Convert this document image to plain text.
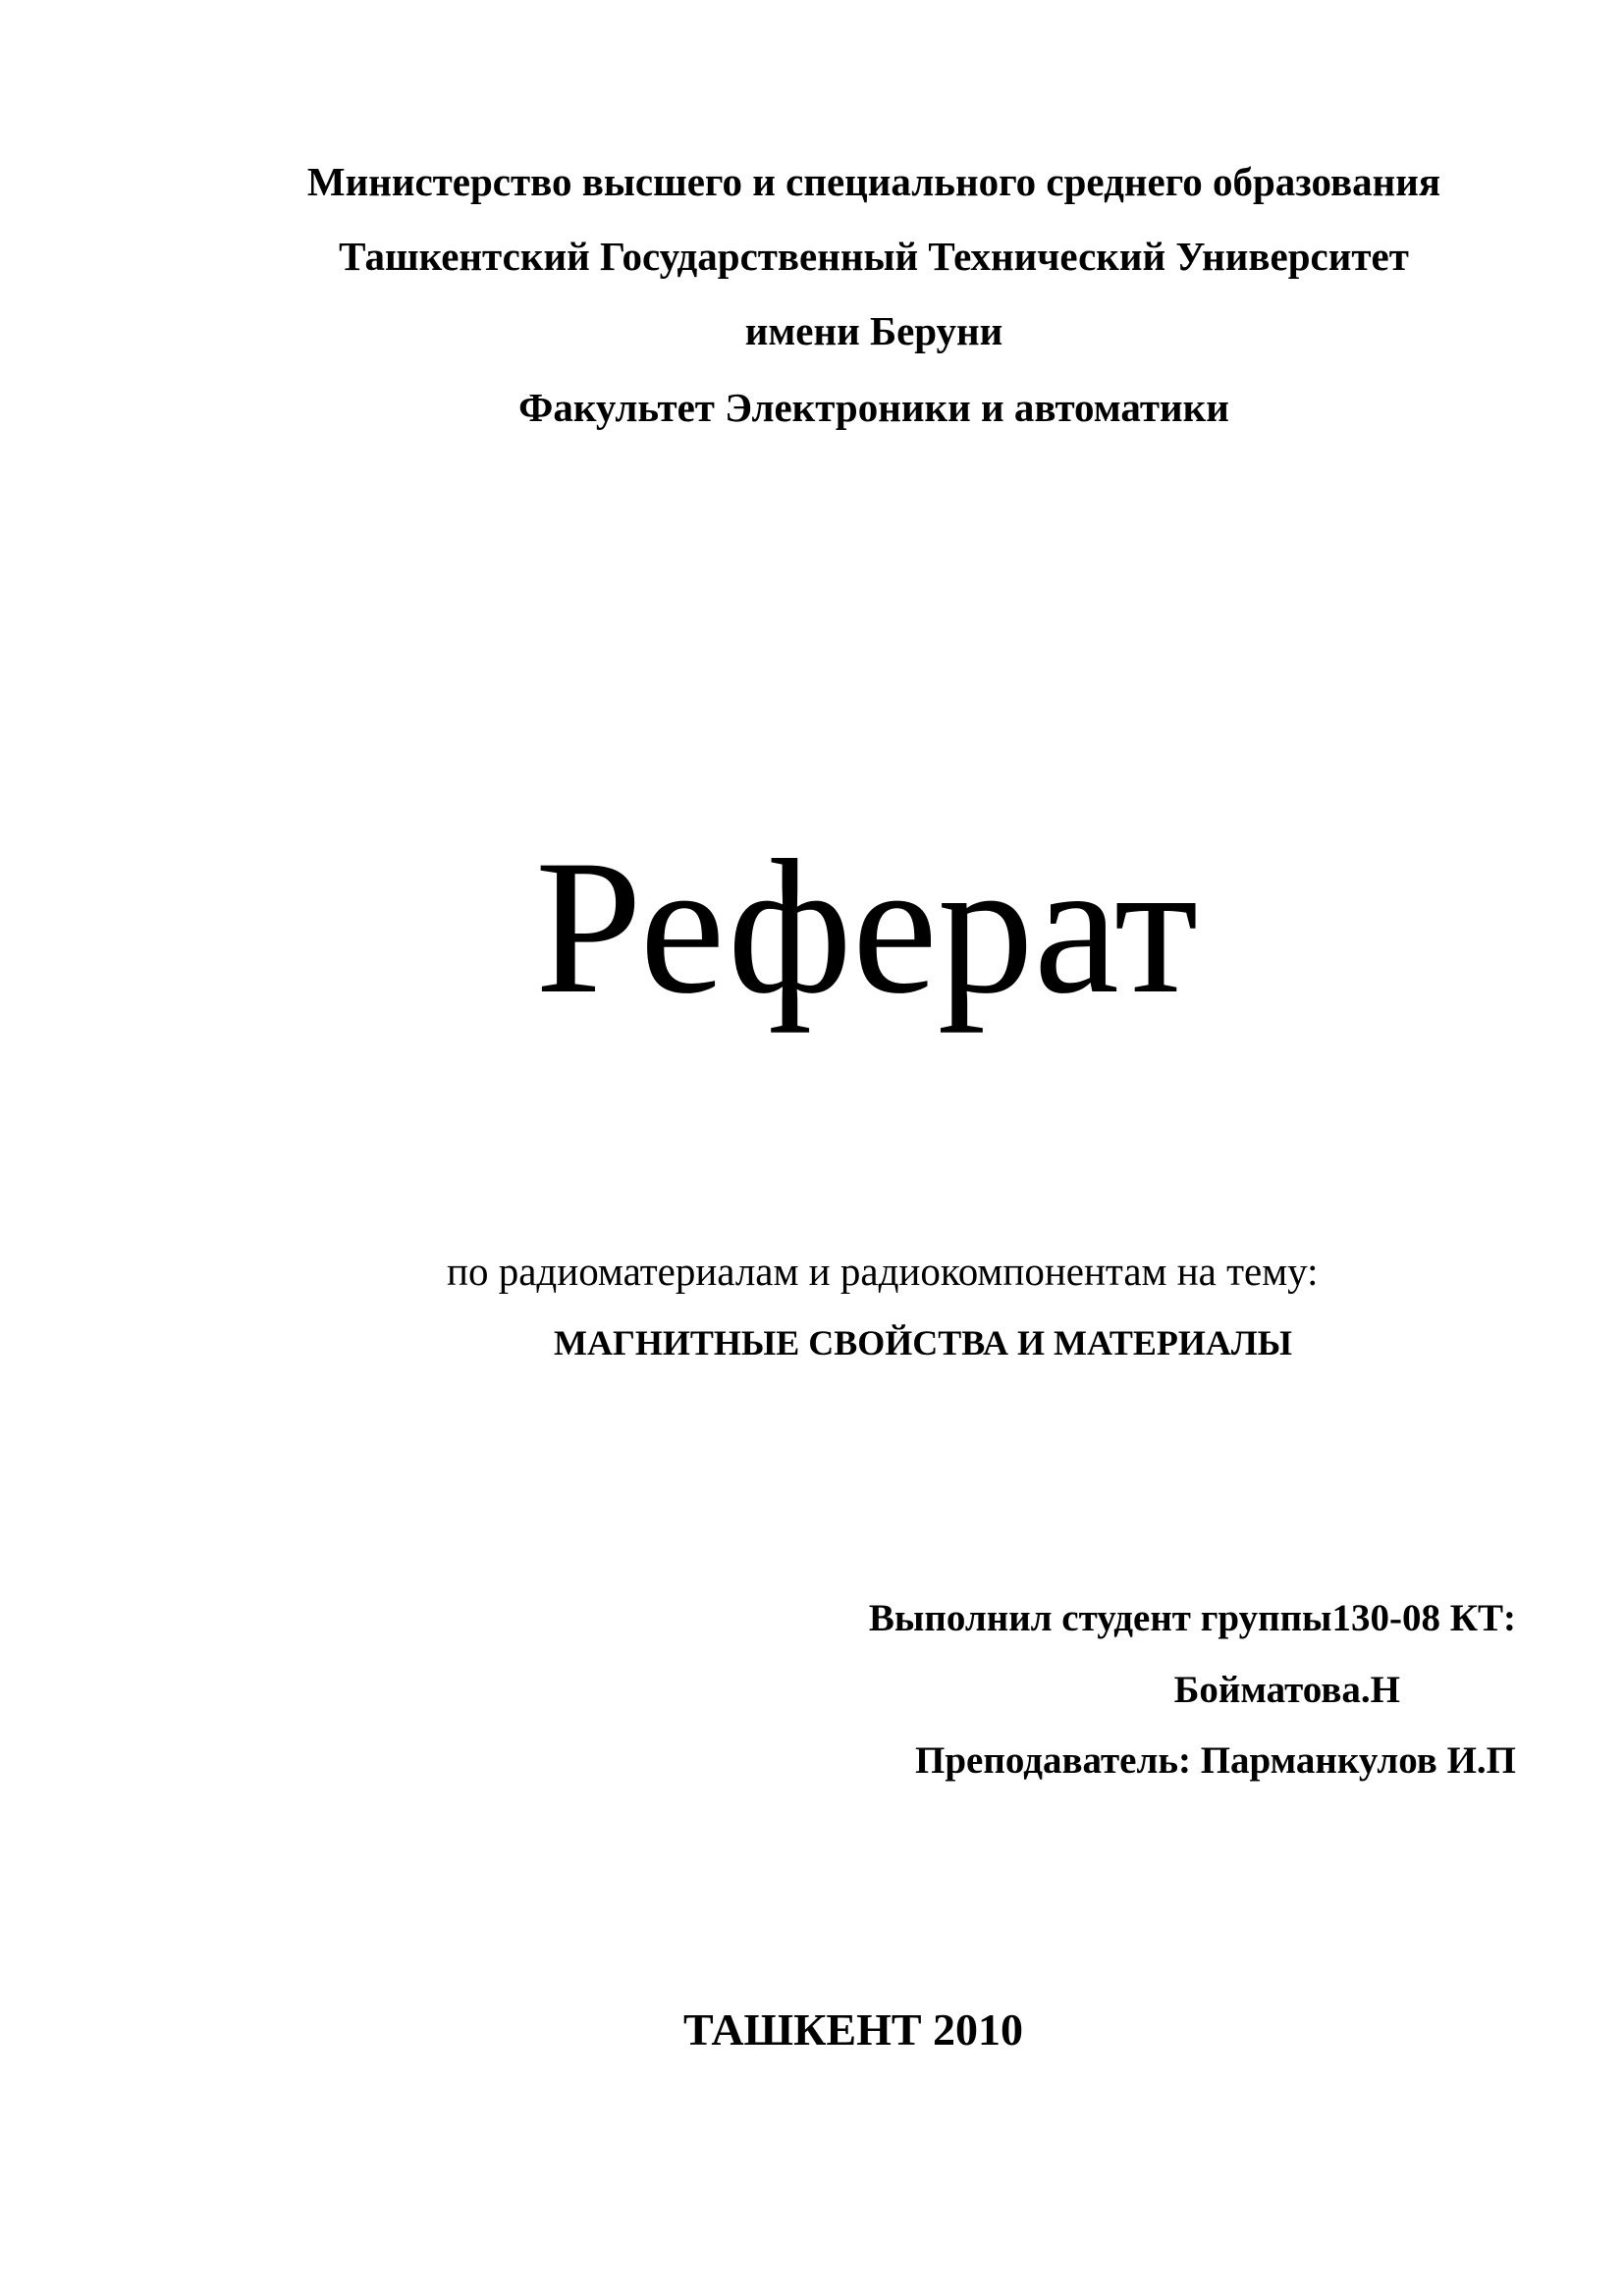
Министерство высшего и специального среднего образования
Ташкентский Государственный Технический Университет
имени Беруни
Факультет Электроники и автоматики
Реферат
по радиоматериалам и радиокомпонентам на тему:
МАГНИТНЫЕ СВОЙСТВА И МАТЕРИАЛЫ
Выполнил студент группы130-08 КТ:
Бойматова.Н
Преподаватель: Парманкулов И.П
ТАШКЕНТ 2010
